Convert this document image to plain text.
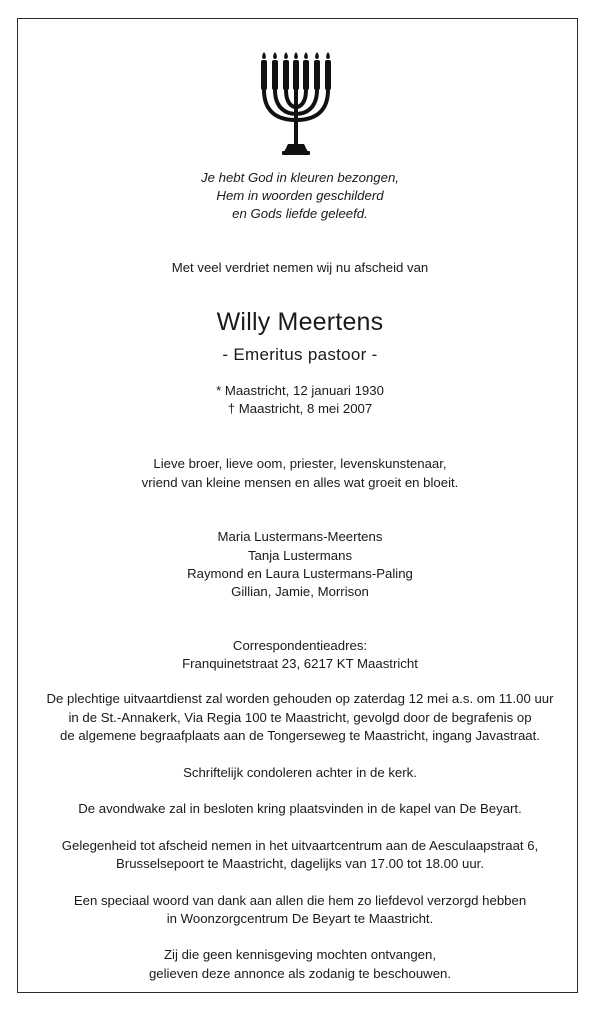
Je hebt God in kleuren bezongen,
Hem in woorden geschilderd
en Gods liefde geleefd.
Met veel verdriet nemen wij nu afscheid van
Willy Meertens
- Emeritus pastoor -
* Maastricht, 12 januari 1930
† Maastricht, 8 mei 2007
Lieve broer, lieve oom, priester, levenskunstenaar,
vriend van kleine mensen en alles wat groeit en bloeit.
Maria Lustermans-Meertens
Tanja Lustermans
Raymond en Laura Lustermans-Paling
Gillian, Jamie, Morrison
Correspondentieadres:
Franquinetstraat 23, 6217 KT Maastricht
De plechtige uitvaartdienst zal worden gehouden op zaterdag 12 mei a.s. om 11.00 uur
in de St.-Annakerk, Via Regia 100 te Maastricht, gevolgd door de begrafenis op
de algemene begraafplaats aan de Tongerseweg te Maastricht, ingang Javastraat.
Schriftelijk condoleren achter in de kerk.
De avondwake zal in besloten kring plaatsvinden in de kapel van De Beyart.
Gelegenheid tot afscheid nemen in het uitvaartcentrum aan de Aesculaapstraat 6,
Brusselsepoort te Maastricht, dagelijks van 17.00 tot 18.00 uur.
Een speciaal woord van dank aan allen die hem zo liefdevol verzorgd hebben
in Woonzorgcentrum De Beyart te Maastricht.
Zij die geen kennisgeving mochten ontvangen,
gelieven deze annonce als zodanig te beschouwen.
